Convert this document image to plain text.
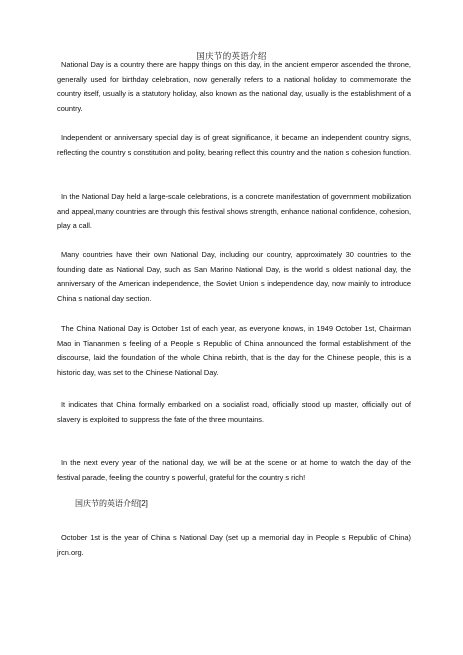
国庆节的英语介绍

National Day is a country there are happy things on this day, in the ancient emperor ascended the throne, generally used for birthday celebration, now generally refers to a national holiday to commemorate the country itself, usually is a statutory holiday, also known as the national day, usually is the establishment of a country.

Independent or anniversary special day is of great significance, it became an independent country signs, reflecting the country s constitution and polity, bearing reflect this country and the nation s cohesion function.

In the National Day held a large-scale celebrations, is a concrete manifestation of government mobilization and appeal,many countries are through this festival shows strength, enhance national confidence, cohesion, play a call.

Many countries have their own National Day, including our country, approximately 30 countries to the founding date as National Day, such as San Marino National Day, is the world s oldest national day, the anniversary of the American independence, the Soviet Union s independence day, now mainly to introduce China s national day section.

The China National Day is October 1st of each year, as everyone knows, in 1949 October 1st, Chairman Mao in Tiananmen s feeling of a People s Republic of China announced the formal establishment of the discourse, laid the foundation of the whole China rebirth, that is the day for the Chinese people, this is a historic day, was set to the Chinese National Day.

It indicates that China formally embarked on a socialist road, officially stood up master, officially out of slavery is exploited to suppress the fate of the three mountains.

In the next every year of the national day, we will be at the scene or at home to watch the day of the festival parade, feeling the country s powerful, grateful for the country s rich!

国庆节的英语介绍[2]

October 1st is the year of China s National Day (set up a memorial day in People s Republic of China) jrcn.org.
